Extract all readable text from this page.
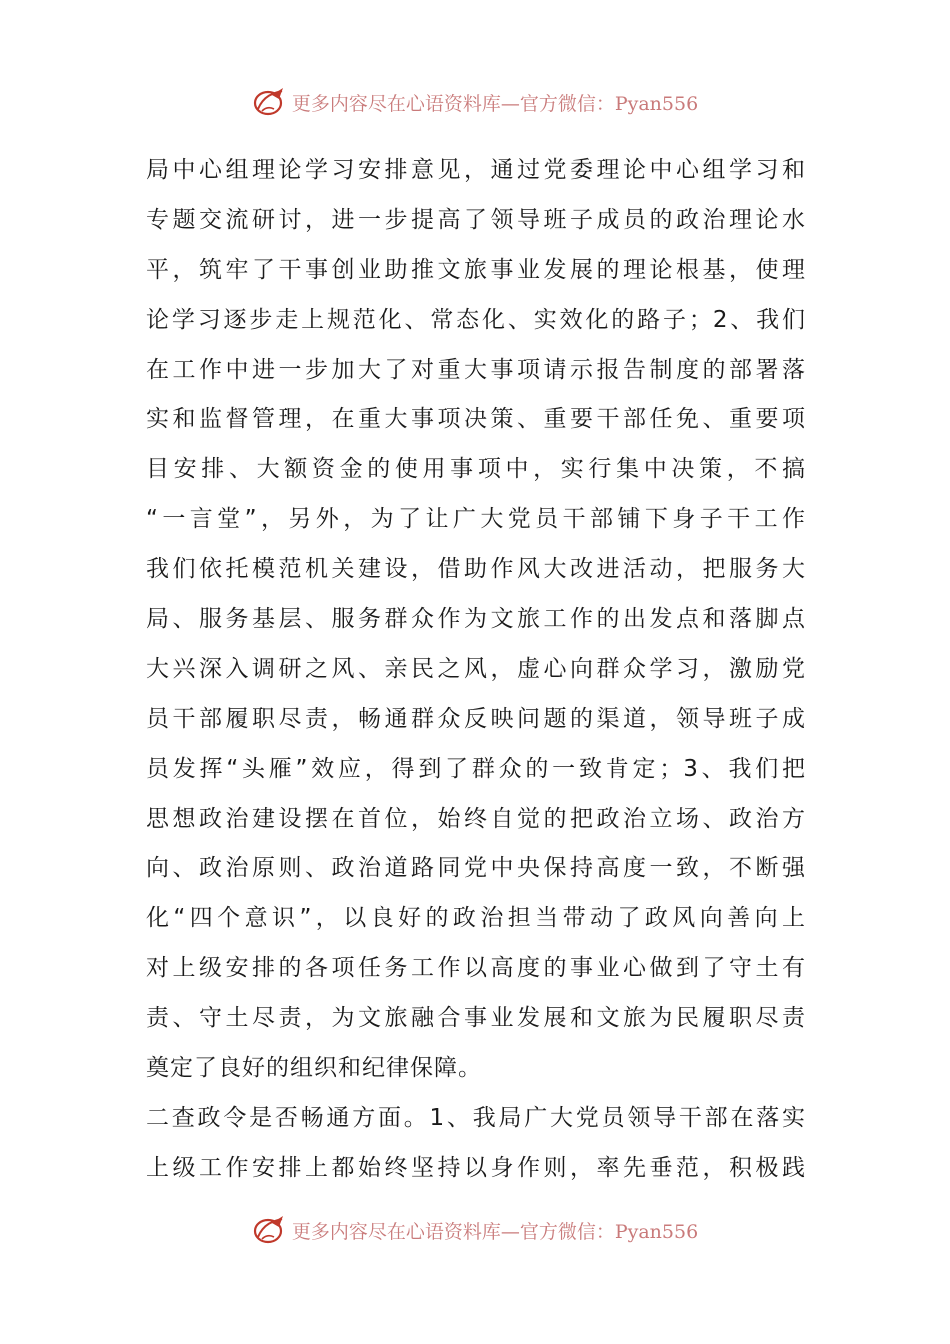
更多内容尽在心语资料库—官方微信：Pyan556
局中心组理论学习安排意见，通过党委理论中心组学习和
专题交流研讨，进一步提高了领导班子成员的政治理论水
平，筑牢了干事创业助推文旅事业发展的理论根基，使理
论学习逐步走上规范化、常态化、实效化的路子；2、我们
在工作中进一步加大了对重大事项请示报告制度的部署落
实和监督管理，在重大事项决策、重要干部任免、重要项
目安排、大额资金的使用事项中，实行集中决策，不搞
“一言堂”，另外，为了让广大党员干部铺下身子干工作
我们依托模范机关建设，借助作风大改进活动，把服务大
局、服务基层、服务群众作为文旅工作的出发点和落脚点
大兴深入调研之风、亲民之风，虚心向群众学习，激励党
员干部履职尽责，畅通群众反映问题的渠道，领导班子成
员发挥“头雁”效应，得到了群众的一致肯定；3、我们把
思想政治建设摆在首位，始终自觉的把政治立场、政治方
向、政治原则、政治道路同党中央保持高度一致，不断强
化“四个意识”，以良好的政治担当带动了政风向善向上
对上级安排的各项任务工作以高度的事业心做到了守土有
责、守土尽责，为文旅融合事业发展和文旅为民履职尽责
奠定了良好的组织和纪律保障。
二查政令是否畅通方面。1、我局广大党员领导干部在落实
上级工作安排上都始终坚持以身作则，率先垂范，积极践
更多内容尽在心语资料库—官方微信：Pyan556
